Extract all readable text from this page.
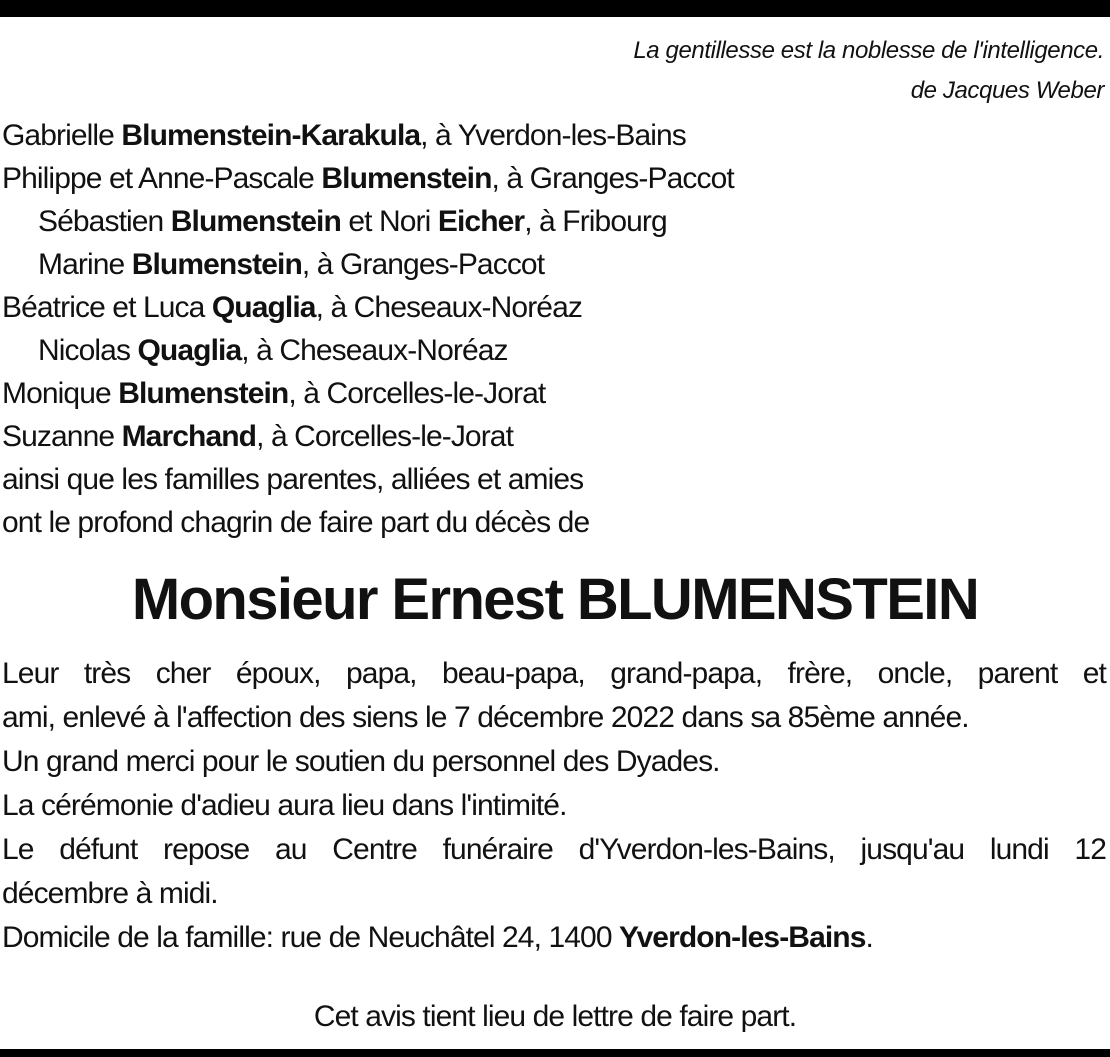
La gentillesse est la noblesse de l'intelligence.
de Jacques Weber
Gabrielle Blumenstein-Karakula, à Yverdon-les-Bains
Philippe et Anne-Pascale Blumenstein, à Granges-Paccot
Sébastien Blumenstein et Nori Eicher, à Fribourg
Marine Blumenstein, à Granges-Paccot
Béatrice et Luca Quaglia, à Cheseaux-Noréaz
Nicolas Quaglia, à Cheseaux-Noréaz
Monique Blumenstein, à Corcelles-le-Jorat
Suzanne Marchand, à Corcelles-le-Jorat
ainsi que les familles parentes, alliées et amies
ont le profond chagrin de faire part du décès de
Monsieur Ernest BLUMENSTEIN
Leur très cher époux, papa, beau-papa, grand-papa, frère, oncle, parent et
ami, enlevé à l'affection des siens le 7 décembre 2022 dans sa 85ème année.
Un grand merci pour le soutien du personnel des Dyades.
La cérémonie d'adieu aura lieu dans l'intimité.
Le défunt repose au Centre funéraire d'Yverdon-les-Bains, jusqu'au lundi 12
décembre à midi.
Domicile de la famille: rue de Neuchâtel 24, 1400 Yverdon-les-Bains.
Cet avis tient lieu de lettre de faire part.
